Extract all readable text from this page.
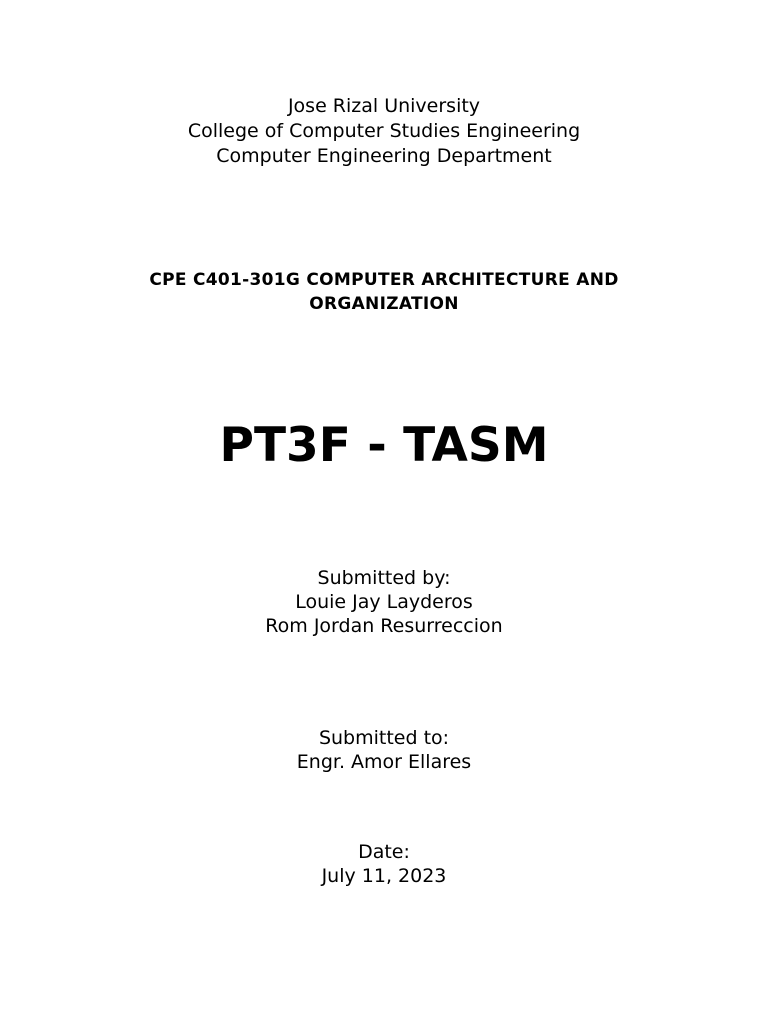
Jose Rizal University
College of Computer Studies Engineering
Computer Engineering Department
CPE C401-301G COMPUTER ARCHITECTURE AND
ORGANIZATION
PT3F - TASM
Submitted by:
Louie Jay Layderos
Rom Jordan Resurreccion
Submitted to:
Engr. Amor Ellares
Date:
July 11, 2023
